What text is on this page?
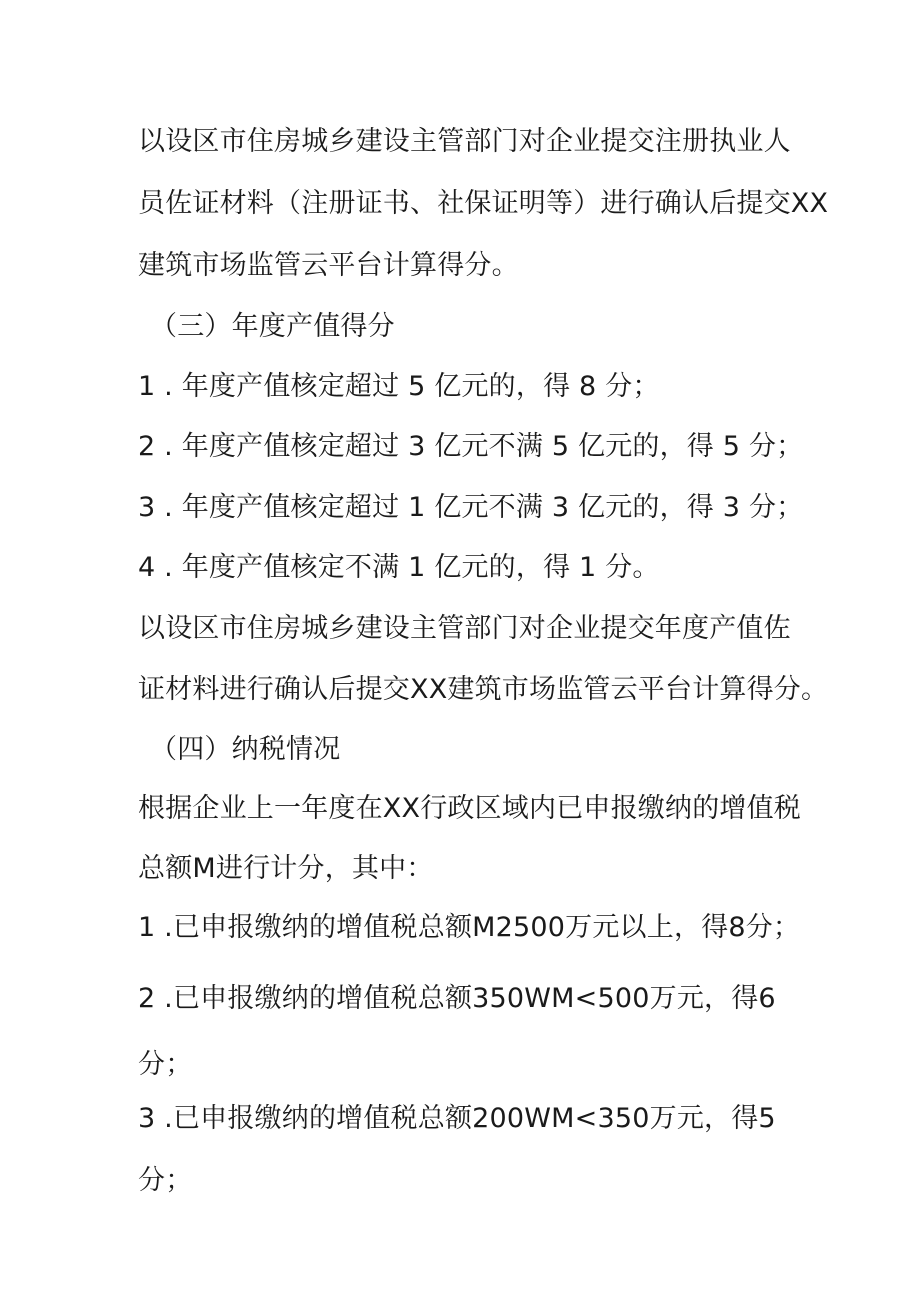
以设区市住房城乡建设主管部门对企业提交注册执业人

员佐证材料（注册证书、社保证明等）进行确认后提交XX

建筑市场监管云平台计算得分。

（三）年度产值得分

1 . 年度产值核定超过 5 亿元的，得 8 分；

2 . 年度产值核定超过 3 亿元不满 5 亿元的，得 5 分；

3 . 年度产值核定超过 1 亿元不满 3 亿元的，得 3 分；

4 . 年度产值核定不满 1 亿元的，得 1 分。

以设区市住房城乡建设主管部门对企业提交年度产值佐

证材料进行确认后提交XX建筑市场监管云平台计算得分。

（四）纳税情况

根据企业上一年度在XX行政区域内已申报缴纳的增值税

总额M进行计分，其中：

1 .已申报缴纳的增值税总额M2500万元以上，得8分；

2 .已申报缴纳的增值税总额350WM<500万元，得6

分；

3 .已申报缴纳的增值税总额200WM<350万元，得5

分；
